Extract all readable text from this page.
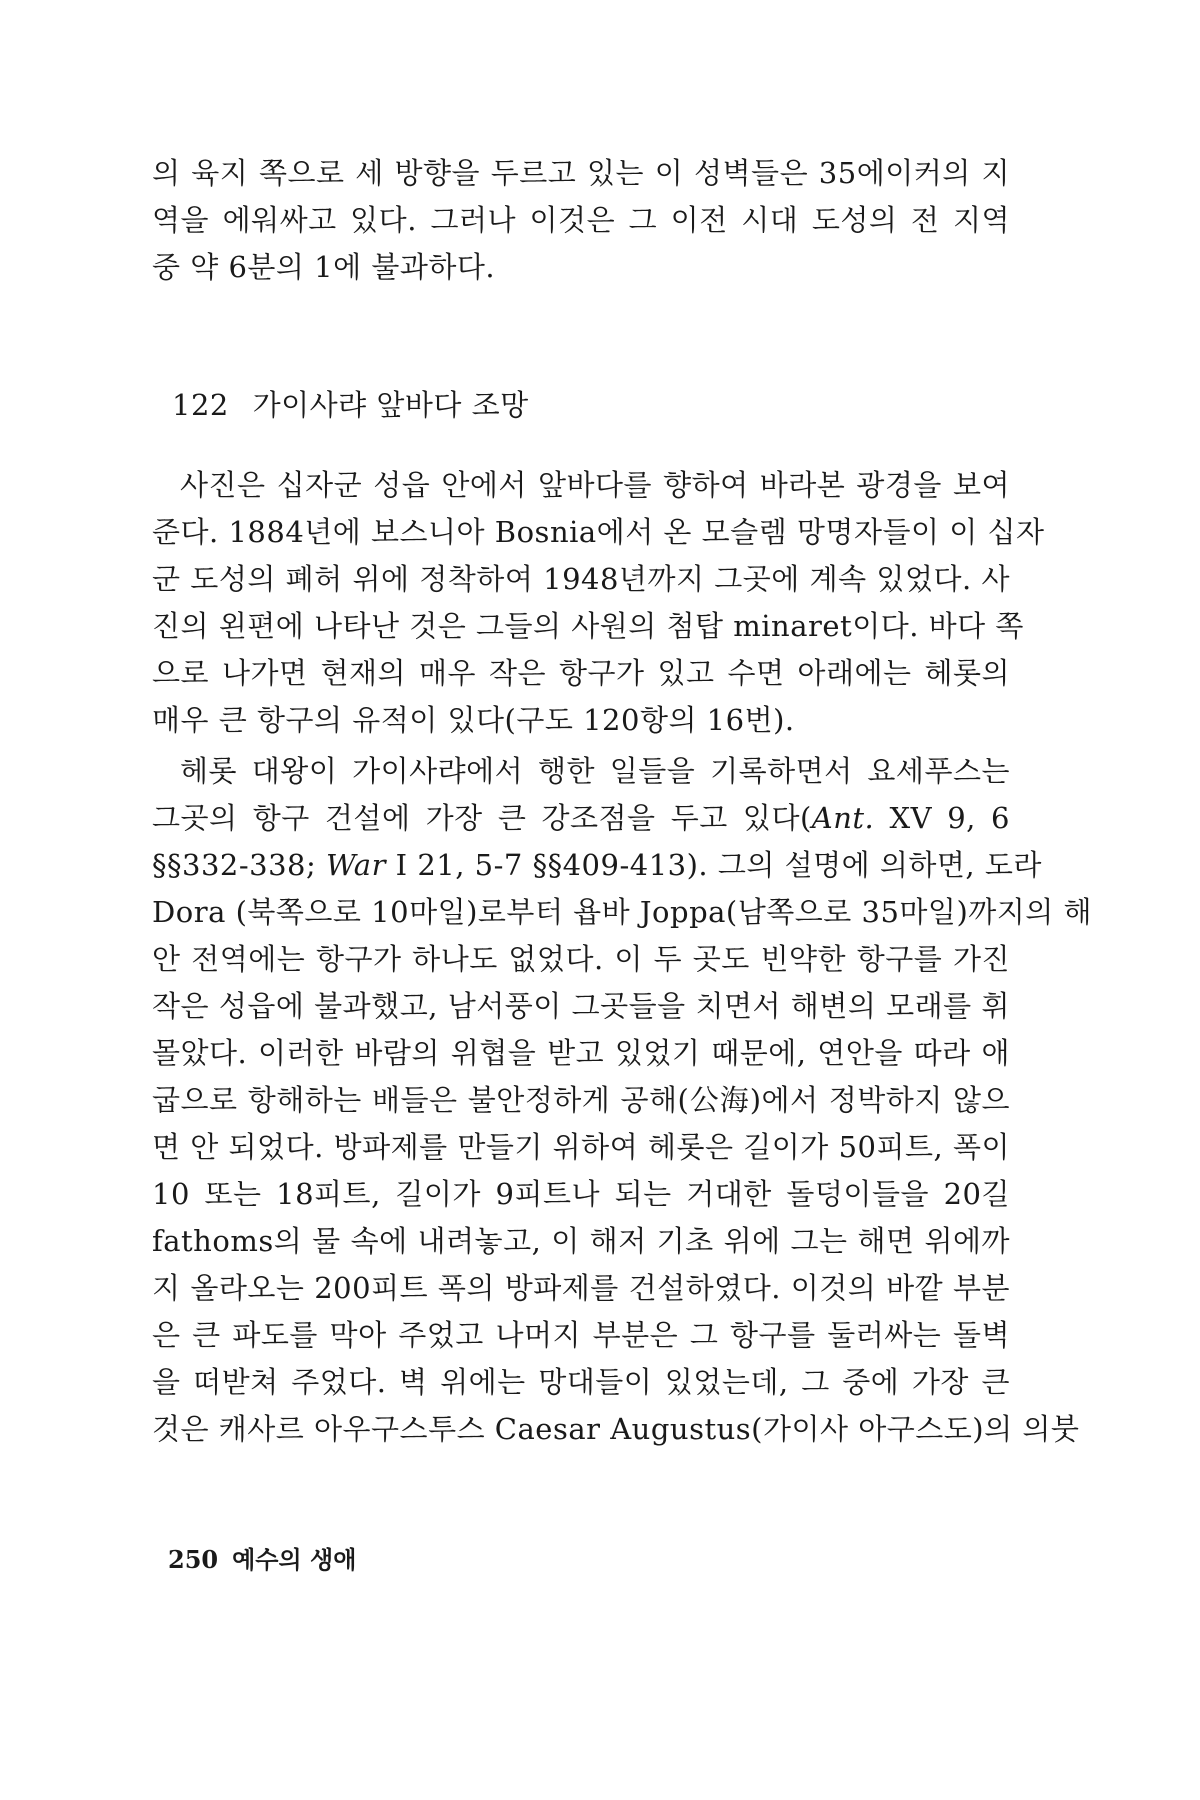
의 육지 쪽으로 세 방향을 두르고 있는 이 성벽들은 35에이커의 지
역을 에워싸고 있다. 그러나 이것은 그 이전 시대 도성의 전 지역
중 약 6분의 1에 불과하다.
122 가이사랴 앞바다 조망
사진은 십자군 성읍 안에서 앞바다를 향하여 바라본 광경을 보여
준다. 1884년에 보스니아 Bosnia에서 온 모슬렘 망명자들이 이 십자
군 도성의 폐허 위에 정착하여 1948년까지 그곳에 계속 있었다. 사
진의 왼편에 나타난 것은 그들의 사원의 첨탑 minaret이다. 바다 쪽
으로 나가면 현재의 매우 작은 항구가 있고 수면 아래에는 헤롯의
매우 큰 항구의 유적이 있다(구도 120항의 16번).
헤롯 대왕이 가이사랴에서 행한 일들을 기록하면서 요세푸스는
그곳의 항구 건설에 가장 큰 강조점을 두고 있다(Ant. XV 9, 6
§§332-338; War I 21, 5-7 §§409-413). 그의 설명에 의하면, 도라
Dora (북쪽으로 10마일)로부터 욥바 Joppa(남쪽으로 35마일)까지의 해
안 전역에는 항구가 하나도 없었다. 이 두 곳도 빈약한 항구를 가진
작은 성읍에 불과했고, 남서풍이 그곳들을 치면서 해변의 모래를 휘
몰았다. 이러한 바람의 위협을 받고 있었기 때문에, 연안을 따라 애
굽으로 항해하는 배들은 불안정하게 공해(公海)에서 정박하지 않으
면 안 되었다. 방파제를 만들기 위하여 헤롯은 길이가 50피트, 폭이
10 또는 18피트, 길이가 9피트나 되는 거대한 돌덩이들을 20길
fathoms의 물 속에 내려놓고, 이 해저 기초 위에 그는 해면 위에까
지 올라오는 200피트 폭의 방파제를 건설하였다. 이것의 바깥 부분
은 큰 파도를 막아 주었고 나머지 부분은 그 항구를 둘러싸는 돌벽
을 떠받쳐 주었다. 벽 위에는 망대들이 있었는데, 그 중에 가장 큰
것은 캐사르 아우구스투스 Caesar Augustus(가이사 아구스도)의 의붓
250 예수의 생애
